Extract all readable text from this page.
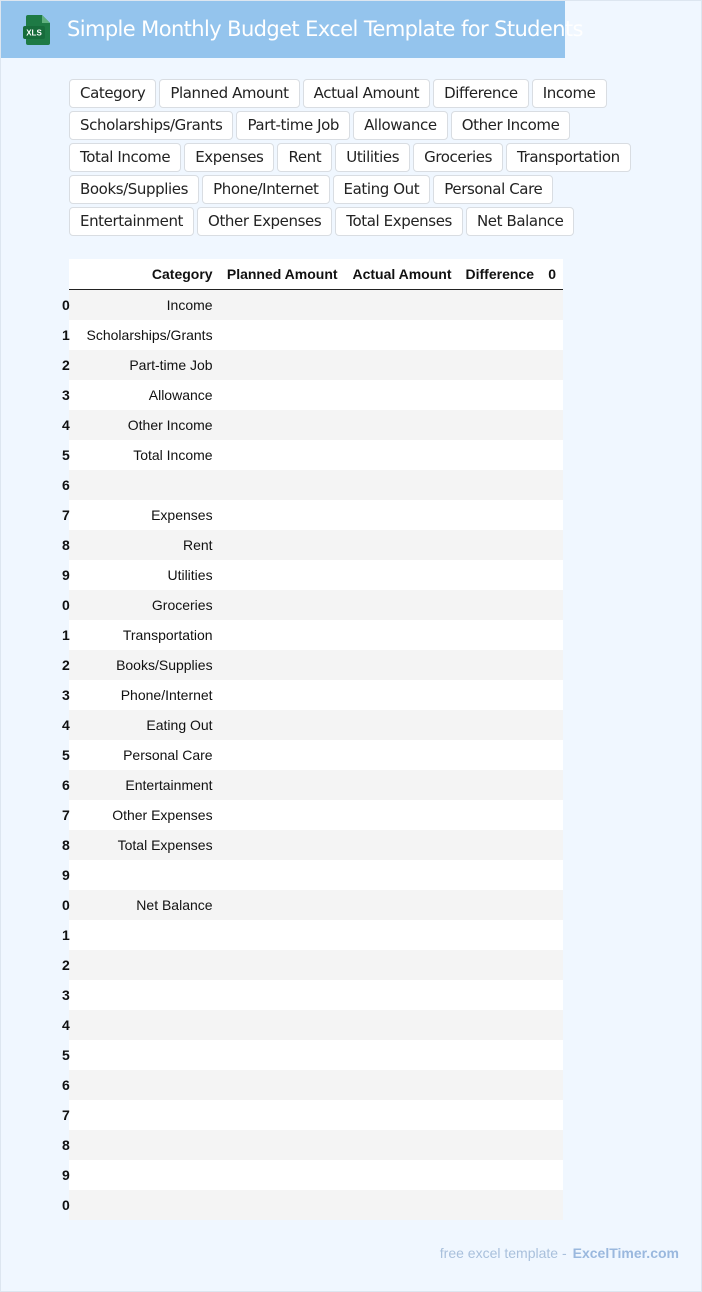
XLS Simple Monthly Budget Excel Template for Students
Category	Planned Amount	Actual Amount	Difference	Income
Scholarships/Grants	Part-time Job	Allowance	Other Income
Total Income	Expenses	Rent	Utilities	Groceries	Transportation
Books/Supplies	Phone/Internet	Eating Out	Personal Care
Entertainment	Other Expenses	Total Expenses	Net Balance
	Category	Planned Amount	Actual Amount	Difference	0

0	Income				

1	Scholarships/Grants				

2	Part-time Job				

3	Allowance				

4	Other Income				

5	Total Income				

6				

7	Expenses				

8	Rent				

9	Utilities				

0	Groceries				

1	Transportation				

2	Books/Supplies				

3	Phone/Internet				

4	Eating Out				

5	Personal Care				

6	Entertainment				

7	Other Expenses				

8	Total Expenses				

9				

0	Net Balance				

1				

2				

3				

4				

5				

6				

7				

8				

9				

0				

free excel template - ExcelTimer.com
